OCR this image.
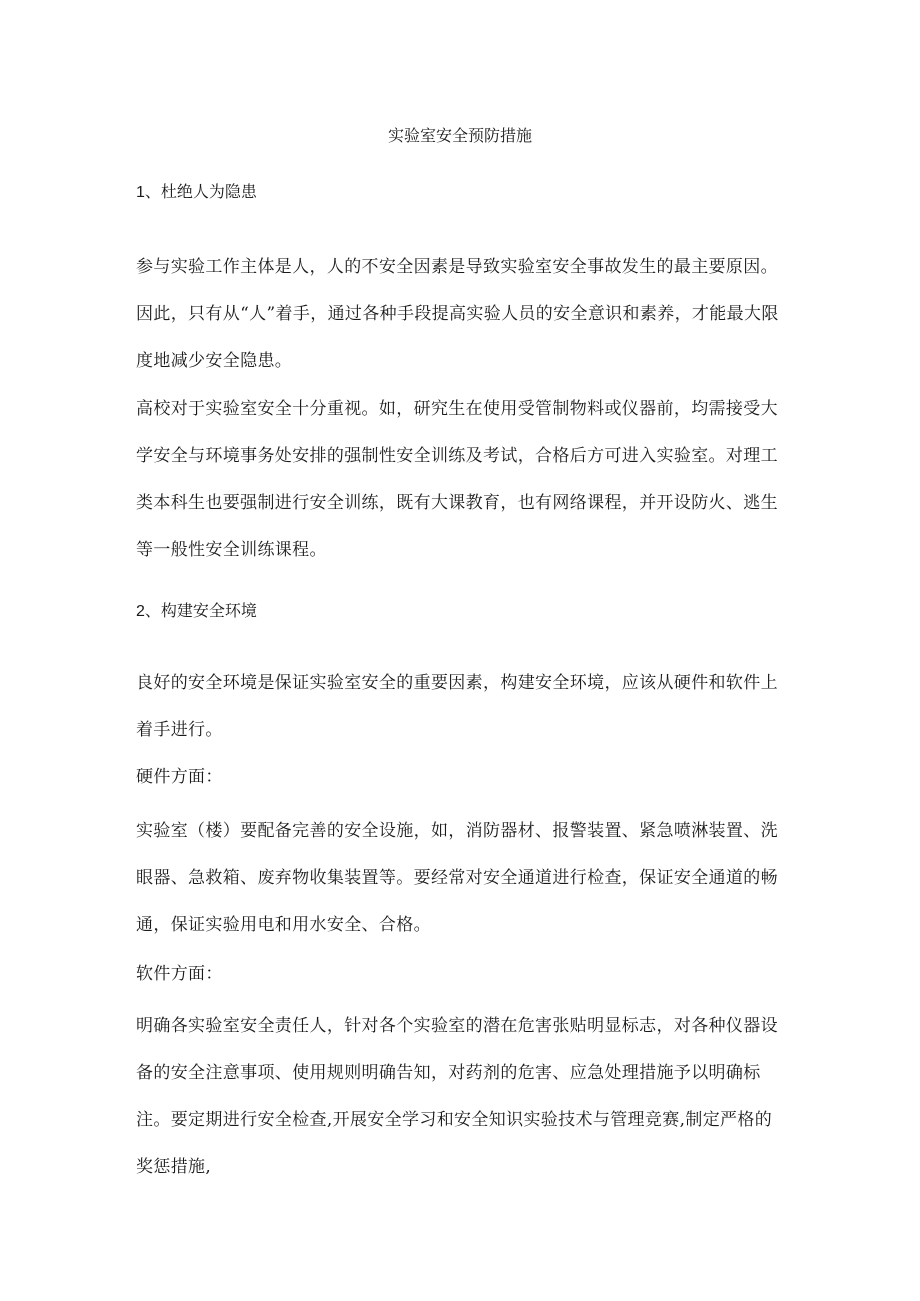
实验室安全预防措施
1、杜绝人为隐患

参与实验工作主体是人，人的不安全因素是导致实验室安全事故发生的最主要原因。因此，只有从“人”着手，通过各种手段提高实验人员的安全意识和素养，才能最大限度地减少安全隐患。

高校对于实验室安全十分重视。如，研究生在使用受管制物料或仪器前，均需接受大学安全与环境事务处安排的强制性安全训练及考试，合格后方可进入实验室。对理工类本科生也要强制进行安全训练，既有大课教育，也有网络课程，并开设防火、逃生等一般性安全训练课程。

2、构建安全环境

良好的安全环境是保证实验室安全的重要因素，构建安全环境，应该从硬件和软件上着手进行。

硬件方面：

实验室（楼）要配备完善的安全设施，如，消防器材、报警装置、紧急喷淋装置、洗眼器、急救箱、废弃物收集装置等。要经常对安全通道进行检查，保证安全通道的畅通，保证实验用电和用水安全、合格。

软件方面：

明确各实验室安全责任人，针对各个实验室的潜在危害张贴明显标志，对各种仪器设备的安全注意事项、使用规则明确告知，对药剂的危害、应急处理措施予以明确标注。要定期进行安全检查,开展安全学习和安全知识实验技术与管理竞赛,制定严格的奖惩措施,
